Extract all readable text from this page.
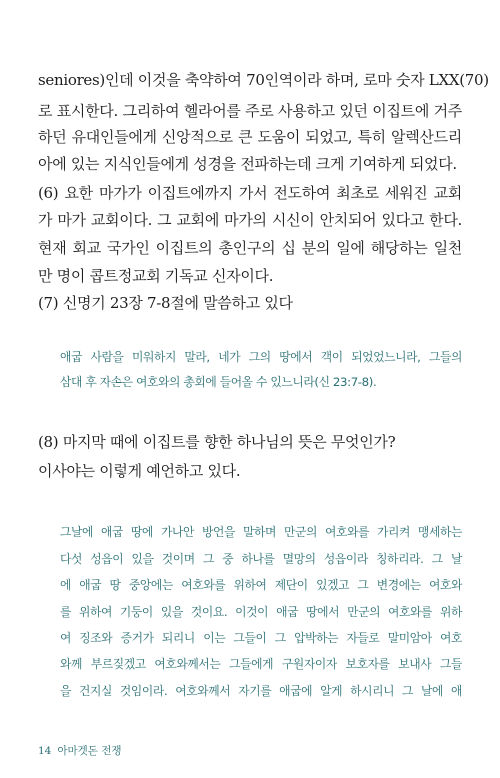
seniores)인데 이것을 축약하여 70인역이라 하며, 로마 숫자 LXX(70)

로 표시한다. 그리하여 헬라어를 주로 사용하고 있던 이집트에 거주

하던 유대인들에게 신앙적으로 큰 도움이 되었고, 특히 알렉산드리

아에 있는 지식인들에게 성경을 전파하는데 크게 기여하게 되었다.

(6) 요한 마가가 이집트에까지 가서 전도하여 최초로 세워진 교회

가 마가 교회이다. 그 교회에 마가의 시신이 안치되어 있다고 한다.

현재 회교 국가인 이집트의 총인구의 십 분의 일에 해당하는 일천

만 명이 콥트정교회 기독교 신자이다.

(7) 신명기 23장 7-8절에 말씀하고 있다

애굽 사람을 미워하지 말라, 네가 그의 땅에서 객이 되었었느니라, 그들의

삼대 후 자손은 여호와의 총회에 들어올 수 있느니라(신 23:7-8).

(8) 마지막 때에 이집트를 향한 하나님의 뜻은 무엇인가?

이사야는 이렇게 예언하고 있다.

그날에 애굽 땅에 가나안 방언을 말하며 만군의 여호와를 가리켜 맹세하는

다섯 성읍이 있을 것이며 그 중 하나를 멸망의 성읍이라 칭하리라. 그 날

에 애굽 땅 중앙에는 여호와를 위하여 제단이 있겠고 그 변경에는 여호와

를 위하여 기둥이 있을 것이요. 이것이 애굽 땅에서 만군의 여호와를 위하

여 징조와 증거가 되리니 이는 그들이 그 압박하는 자들로 말미암아 여호

와께 부르짖겠고 여호와께서는 그들에게 구원자이자 보호자를 보내사 그들

을 건지실 것임이라. 여호와께서 자기를 애굽에 알게 하시리니 그 날에 애

14 아마겟돈 전쟁
